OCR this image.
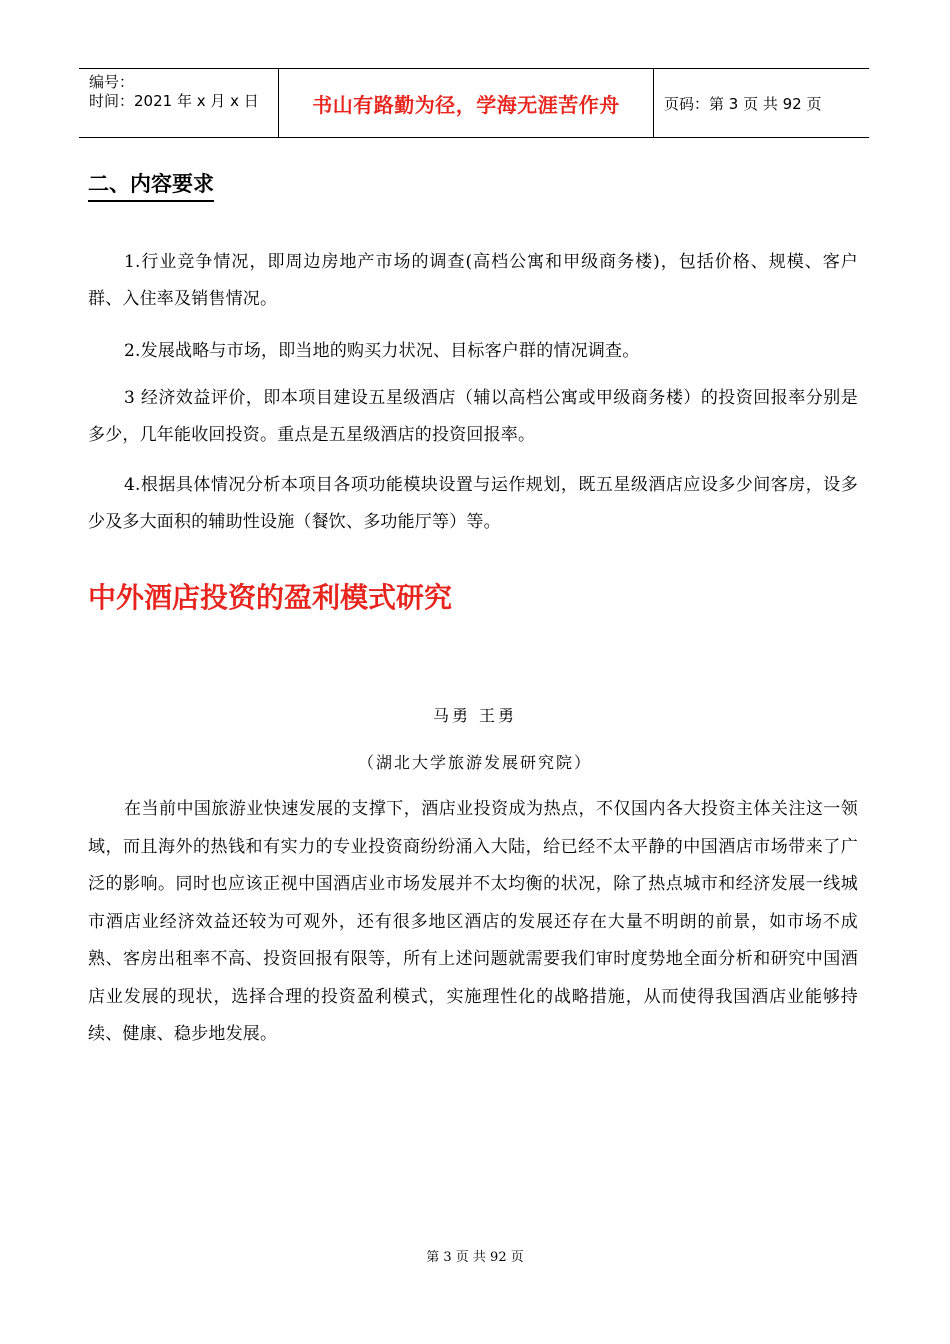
编号：
时间：2021 年 x 月 x 日	书山有路勤为径，学海无涯苦作舟	页码：第 3 页 共 92 页
二、内容要求
1.行业竞争情况，即周边房地产市场的调查(高档公寓和甲级商务楼)，包括价格、规模、客户群、入住率及销售情况。
2.发展战略与市场，即当地的购买力状况、目标客户群的情况调查。
3 经济效益评价，即本项目建设五星级酒店（辅以高档公寓或甲级商务楼）的投资回报率分别是多少，几年能收回投资。重点是五星级酒店的投资回报率。
4.根据具体情况分析本项目各项功能模块设置与运作规划，既五星级酒店应设多少间客房，设多少及多大面积的辅助性设施（餐饮、多功能厅等）等。
中外酒店投资的盈利模式研究
马勇 王勇
（湖北大学旅游发展研究院）
在当前中国旅游业快速发展的支撑下，酒店业投资成为热点，不仅国内各大投资主体关注这一领域，而且海外的热钱和有实力的专业投资商纷纷涌入大陆，给已经不太平静的中国酒店市场带来了广泛的影响。同时也应该正视中国酒店业市场发展并不太均衡的状况，除了热点城市和经济发展一线城市酒店业经济效益还较为可观外，还有很多地区酒店的发展还存在大量不明朗的前景，如市场不成熟、客房出租率不高、投资回报有限等，所有上述问题就需要我们审时度势地全面分析和研究中国酒店业发展的现状，选择合理的投资盈利模式，实施理性化的战略措施，从而使得我国酒店业能够持续、健康、稳步地发展。
第 3 页 共 92 页
